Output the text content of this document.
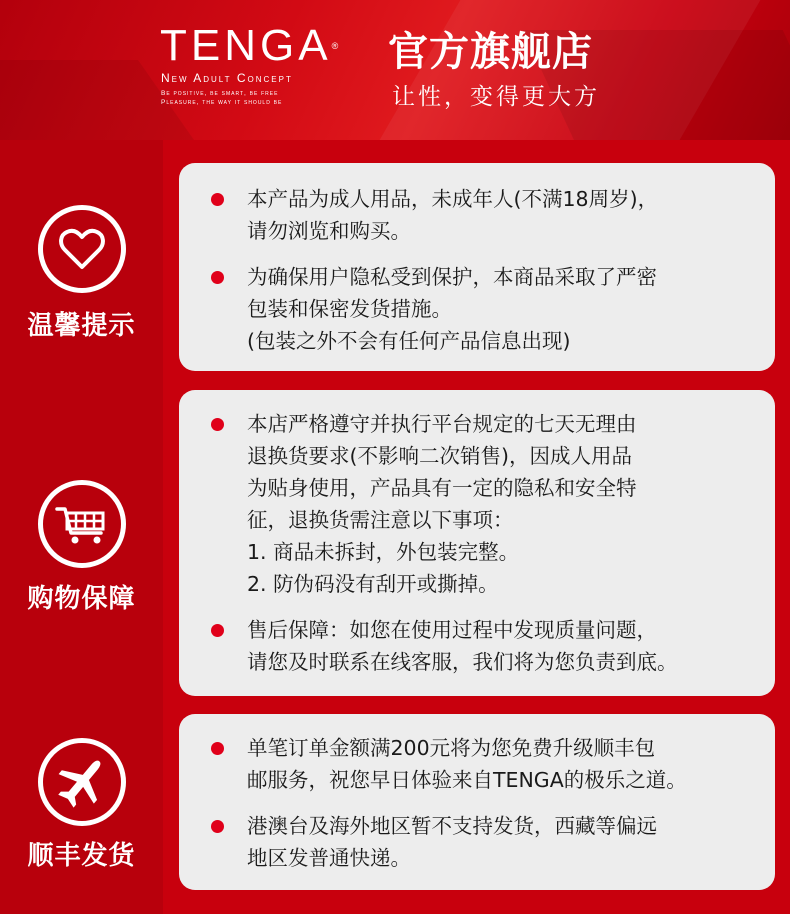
TENGA®
New Adult Concept
Be positive, be smart, be free
Pleasure, the way it should be
官方旗舰店
让性，变得更大方
温馨提示
购物保障
顺丰发货
本产品为成人用品，未成年人(不满18周岁)，
请勿浏览和购买。
为确保用户隐私受到保护，本商品采取了严密
包装和保密发货措施。
(包装之外不会有任何产品信息出现)
本店严格遵守并执行平台规定的七天无理由
退换货要求(不影响二次销售)，因成人用品
为贴身使用，产品具有一定的隐私和安全特
征，退换货需注意以下事项：
1. 商品未拆封，外包装完整。
2. 防伪码没有刮开或撕掉。
售后保障：如您在使用过程中发现质量问题，
请您及时联系在线客服，我们将为您负责到底。
单笔订单金额满200元将为您免费升级顺丰包
邮服务，祝您早日体验来自TENGA的极乐之道。
港澳台及海外地区暂不支持发货，西藏等偏远
地区发普通快递。
